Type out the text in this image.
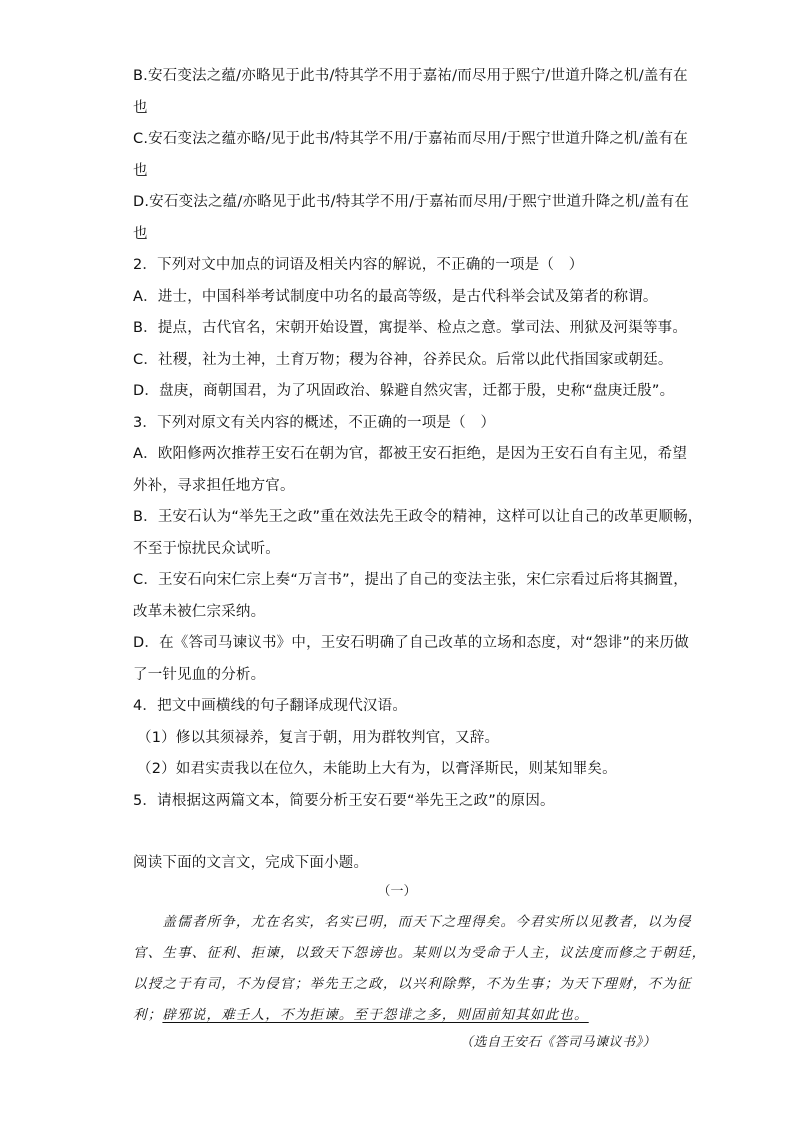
B.安石变法之蕴/亦略见于此书/特其学不用于嘉祐/而尽用于熙宁/世道升降之机/盖有在
也
C.安石变法之蕴亦略/见于此书/特其学不用/于嘉祐而尽用/于熙宁世道升降之机/盖有在
也
D.安石变法之蕴/亦略见于此书/特其学不用/于嘉祐而尽用/于熙宁世道升降之机/盖有在
也
2．下列对文中加点的词语及相关内容的解说，不正确的一项是（　）
A．进士，中国科举考试制度中功名的最高等级，是古代科举会试及第者的称谓。
B．提点，古代官名，宋朝开始设置，寓提举、检点之意。掌司法、刑狱及河渠等事。
C．社稷，社为土神，土育万物；稷为谷神，谷养民众。后常以此代指国家或朝廷。
D．盘庚，商朝国君，为了巩固政治、躲避自然灾害，迁都于殷，史称“盘庚迁殷”。
3．下列对原文有关内容的概述，不正确的一项是（　）
A．欧阳修两次推荐王安石在朝为官，都被王安石拒绝，是因为王安石自有主见，希望
外补，寻求担任地方官。
B．王安石认为“举先王之政”重在效法先王政令的精神，这样可以让自己的改革更顺畅，
不至于惊扰民众试听。
C．王安石向宋仁宗上奏“万言书”，提出了自己的变法主张，宋仁宗看过后将其搁置，
改革未被仁宗采纳。
D．在《答司马谏议书》中，王安石明确了自己改革的立场和态度，对“怨诽”的来历做
了一针见血的分析。
4．把文中画横线的句子翻译成现代汉语。
（1）修以其须禄养，复言于朝，用为群牧判官，又辞。
（2）如君实责我以在位久，未能助上大有为，以膏泽斯民，则某知罪矣。
5．请根据这两篇文本，简要分析王安石要“举先王之政”的原因。
阅读下面的文言文，完成下面小题。
（一）
　　盖儒者所争，尤在名实，名实已明，而天下之理得矣。今君实所以见教者，以为侵
官、生事、征利、拒谏，以致天下怨谤也。某则以为受命于人主，议法度而修之于朝廷，
以授之于有司，不为侵官；举先王之政，以兴利除弊，不为生事；为天下理财，不为征
利；辟邪说，难壬人，不为拒谏。至于怨诽之多，则固前知其如此也。
（选自王安石《答司马谏议书》）
